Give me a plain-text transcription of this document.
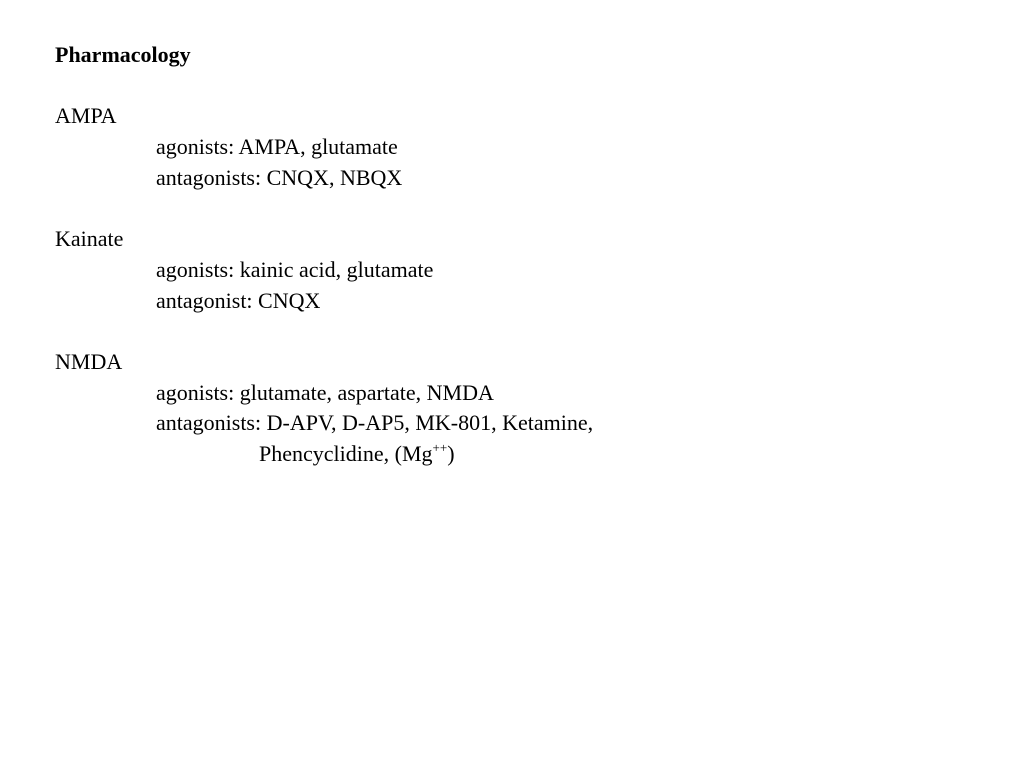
Pharmacology
AMPA
agonists: AMPA, glutamate
antagonists: CNQX, NBQX
Kainate
agonists: kainic acid, glutamate
antagonist: CNQX
NMDA
agonists: glutamate, aspartate, NMDA
antagonists: D-APV, D-AP5, MK-801, Ketamine,
Phencyclidine, (Mg++)
